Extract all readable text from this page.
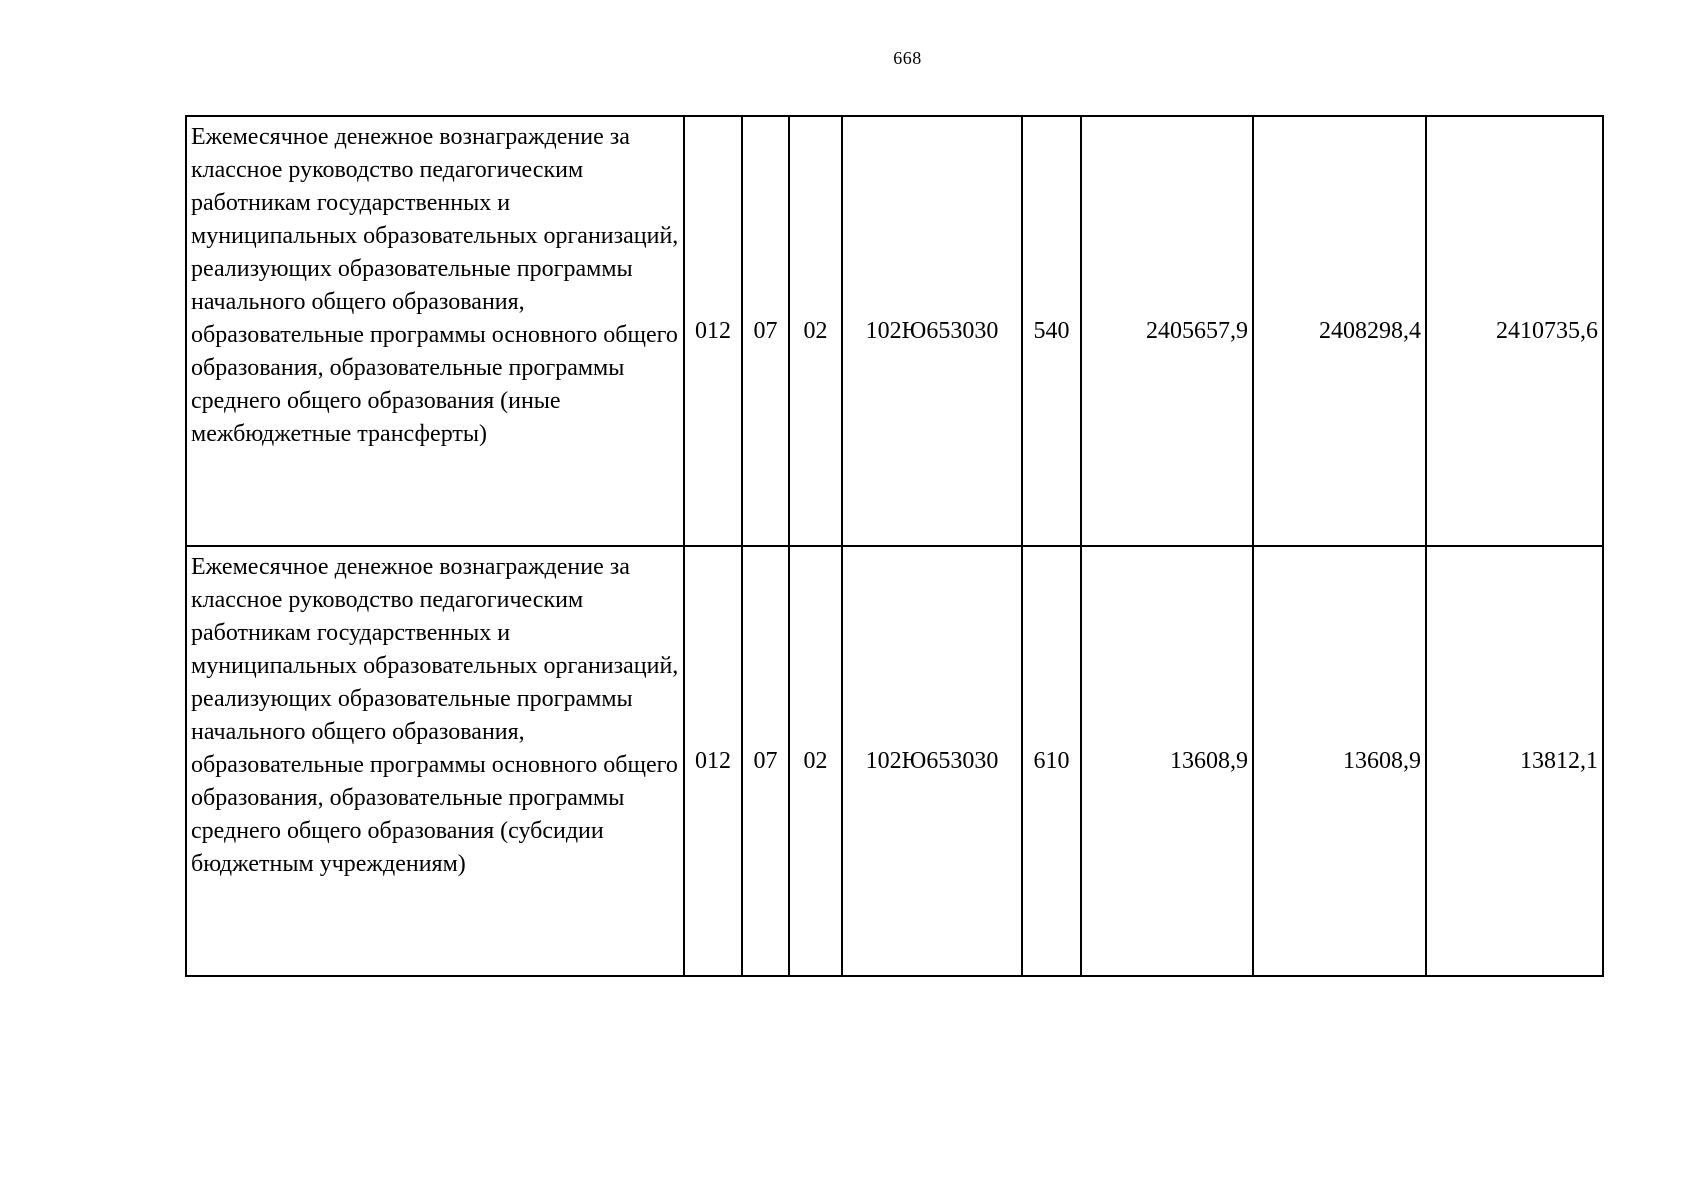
668
Ежемесячное денежное вознаграждение за классное руководство педагогическим работникам государственных и муниципальных образовательных организаций, реализующих образовательные программы начального общего образования, образовательные программы основного общего образования, образовательные программы среднего общего образования (иные межбюджетные трансферты)	012	07	02	102Ю653030	540	2405657,9	2408298,4	2410735,6
Ежемесячное денежное вознаграждение за классное руководство педагогическим работникам государственных и муниципальных образовательных организаций, реализующих образовательные программы начального общего образования, образовательные программы основного общего образования, образовательные программы среднего общего образования (субсидии бюджетным учреждениям)	012	07	02	102Ю653030	610	13608,9	13608,9	13812,1
